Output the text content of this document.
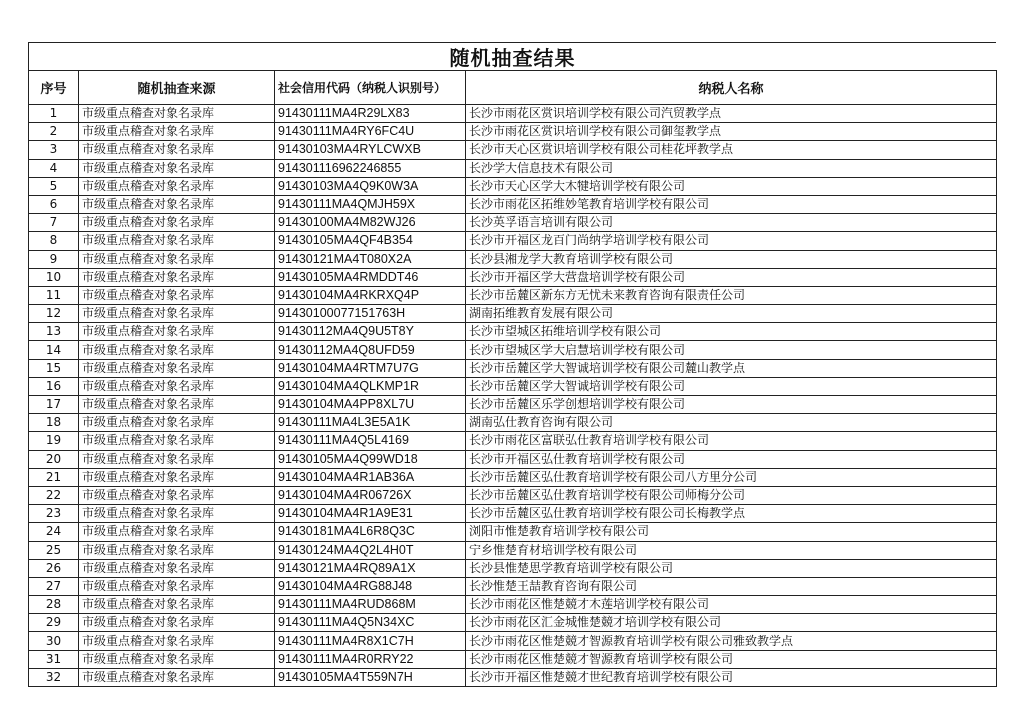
随机抽查结果
序号	随机抽查来源	社会信用代码（纳税人识别号）	纳税人名称
1	市级重点稽查对象名录库	91430111MA4R29LX83	长沙市雨花区赏识培训学校有限公司汽贸教学点
2	市级重点稽查对象名录库	91430111MA4RY6FC4U	长沙市雨花区赏识培训学校有限公司御玺教学点
3	市级重点稽查对象名录库	91430103MA4RYLCWXB	长沙市天心区赏识培训学校有限公司桂花坪教学点
4	市级重点稽查对象名录库	914301116962246855	长沙学大信息技术有限公司
5	市级重点稽查对象名录库	91430103MA4Q9K0W3A	长沙市天心区学大木犍培训学校有限公司
6	市级重点稽查对象名录库	91430111MA4QMJH59X	长沙市雨花区拓维妙笔教育培训学校有限公司
7	市级重点稽查对象名录库	91430100MA4M82WJ26	长沙英孚语言培训有限公司
8	市级重点稽查对象名录库	91430105MA4QF4B354	长沙市开福区龙百门尚纳学培训学校有限公司
9	市级重点稽查对象名录库	91430121MA4T080X2A	长沙县湘龙学大教育培训学校有限公司
10	市级重点稽查对象名录库	91430105MA4RMDDT46	长沙市开福区学大营盘培训学校有限公司
11	市级重点稽查对象名录库	91430104MA4RKRXQ4P	长沙市岳麓区新东方无忧未来教育咨询有限责任公司
12	市级重点稽查对象名录库	91430100077151763H	湖南拓维教育发展有限公司
13	市级重点稽查对象名录库	91430112MA4Q9U5T8Y	长沙市望城区拓维培训学校有限公司
14	市级重点稽查对象名录库	91430112MA4Q8UFD59	长沙市望城区学大启慧培训学校有限公司
15	市级重点稽查对象名录库	91430104MA4RTM7U7G	长沙市岳麓区学大智诚培训学校有限公司麓山教学点
16	市级重点稽查对象名录库	91430104MA4QLKMP1R	长沙市岳麓区学大智诚培训学校有限公司
17	市级重点稽查对象名录库	91430104MA4PP8XL7U	长沙市岳麓区乐学创想培训学校有限公司
18	市级重点稽查对象名录库	91430111MA4L3E5A1K	湖南弘仕教育咨询有限公司
19	市级重点稽查对象名录库	91430111MA4Q5L4169	长沙市雨花区富联弘仕教育培训学校有限公司
20	市级重点稽查对象名录库	91430105MA4Q99WD18	长沙市开福区弘仕教育培训学校有限公司
21	市级重点稽查对象名录库	91430104MA4R1AB36A	长沙市岳麓区弘仕教育培训学校有限公司八方里分公司
22	市级重点稽查对象名录库	91430104MA4R06726X	长沙市岳麓区弘仕教育培训学校有限公司师梅分公司
23	市级重点稽查对象名录库	91430104MA4R1A9E31	长沙市岳麓区弘仕教育培训学校有限公司长梅教学点
24	市级重点稽查对象名录库	91430181MA4L6R8Q3C	浏阳市惟楚教育培训学校有限公司
25	市级重点稽查对象名录库	91430124MA4Q2L4H0T	宁乡惟楚育材培训学校有限公司
26	市级重点稽查对象名录库	91430121MA4RQ89A1X	长沙县惟楚思学教育培训学校有限公司
27	市级重点稽查对象名录库	91430104MA4RG88J48	长沙惟楚王喆教育咨询有限公司
28	市级重点稽查对象名录库	91430111MA4RUD868M	长沙市雨花区惟楚競才木莲培训学校有限公司
29	市级重点稽查对象名录库	91430111MA4Q5N34XC	长沙市雨花区汇金城惟楚競才培训学校有限公司
30	市级重点稽查对象名录库	91430111MA4R8X1C7H	长沙市雨花区惟楚競才智源教育培训学校有限公司雅致教学点
31	市级重点稽查对象名录库	91430111MA4R0RRY22	长沙市雨花区惟楚競才智源教育培训学校有限公司
32	市级重点稽查对象名录库	91430105MA4T559N7H	长沙市开福区惟楚競才世纪教育培训学校有限公司
